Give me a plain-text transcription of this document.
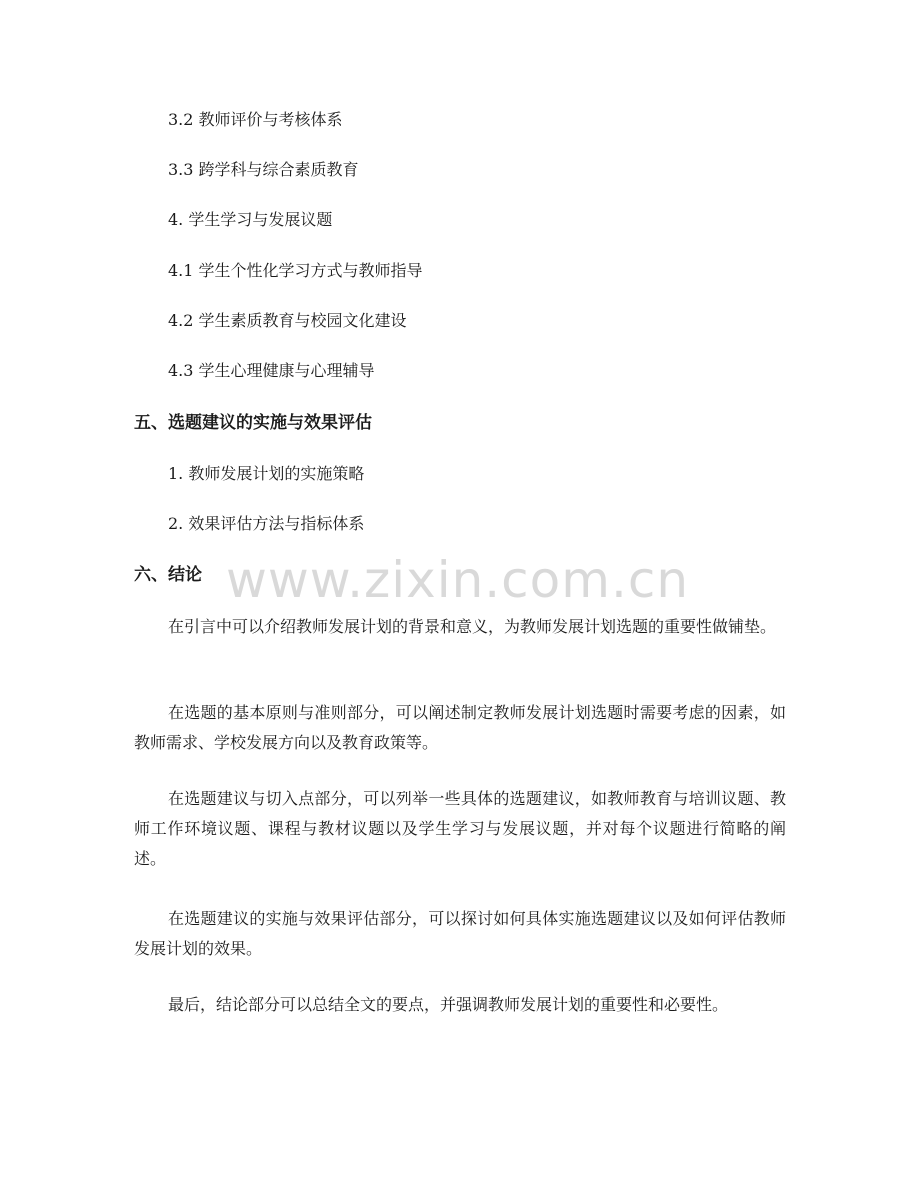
3.2 教师评价与考核体系
3.3 跨学科与综合素质教育
4. 学生学习与发展议题
4.1 学生个性化学习方式与教师指导
4.2 学生素质教育与校园文化建设
4.3 学生心理健康与心理辅导
五、选题建议的实施与效果评估
1. 教师发展计划的实施策略
2. 效果评估方法与指标体系
六、结论

在引言中可以介绍教师发展计划的背景和意义，为教师发展计划选题的重要性做铺垫。

在选题的基本原则与准则部分，可以阐述制定教师发展计划选题时需要考虑的因素，如教师需求、学校发展方向以及教育政策等。

在选题建议与切入点部分，可以列举一些具体的选题建议，如教师教育与培训议题、教师工作环境议题、课程与教材议题以及学生学习与发展议题，并对每个议题进行简略的阐述。

在选题建议的实施与效果评估部分，可以探讨如何具体实施选题建议以及如何评估教师发展计划的效果。

最后，结论部分可以总结全文的要点，并强调教师发展计划的重要性和必要性。

www.zixin.com.cn
